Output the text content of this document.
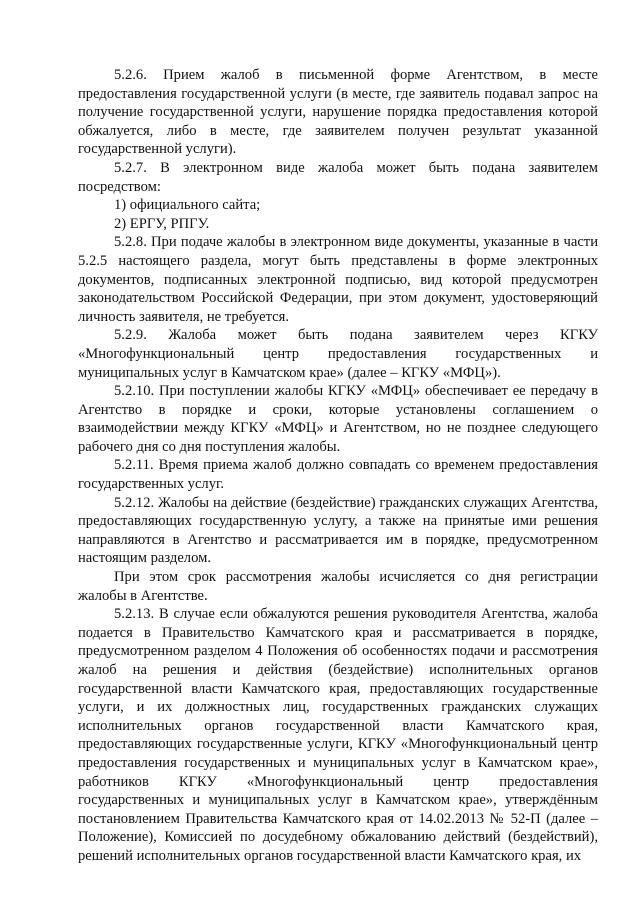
5.2.6. Прием жалоб в письменной форме Агентством, в месте предоставления государственной услуги (в месте, где заявитель подавал запрос на получение государственной услуги, нарушение порядка предоставления которой обжалуется, либо в месте, где заявителем получен результат указанной государственной услуги).

5.2.7. В электронном виде жалоба может быть подана заявителем посредством:

1) официального сайта;

2) ЕРГУ, РПГУ.

5.2.8. При подаче жалобы в электронном виде документы, указанные в части 5.2.5 настоящего раздела, могут быть представлены в форме электронных документов, подписанных электронной подписью, вид которой предусмотрен законодательством Российской Федерации, при этом документ, удостоверяющий личность заявителя, не требуется.

5.2.9. Жалоба может быть подана заявителем через КГКУ «Многофункциональный центр предоставления государственных и муниципальных услуг в Камчатском крае» (далее – КГКУ «МФЦ»).

5.2.10. При поступлении жалобы КГКУ «МФЦ» обеспечивает ее передачу в Агентство в порядке и сроки, которые установлены соглашением о взаимодействии между КГКУ «МФЦ» и Агентством, но не позднее следующего рабочего дня со дня поступления жалобы.

5.2.11. Время приема жалоб должно совпадать со временем предоставления государственных услуг.

5.2.12. Жалобы на действие (бездействие) гражданских служащих Агентства, предоставляющих государственную услугу, а также на принятые ими решения направляются в Агентство и рассматривается им в порядке, предусмотренном настоящим разделом.

При этом срок рассмотрения жалобы исчисляется со дня регистрации жалобы в Агентстве.

5.2.13. В случае если обжалуются решения руководителя Агентства, жалоба подается в Правительство Камчатского края и рассматривается в порядке, предусмотренном разделом 4 Положения об особенностях подачи и рассмотрения жалоб на решения и действия (бездействие) исполнительных органов государственной власти Камчатского края, предоставляющих государственные услуги, и их должностных лиц, государственных гражданских служащих исполнительных органов государственной власти Камчатского края, предоставляющих государственные услуги, КГКУ «Многофункциональный центр предоставления государственных и муниципальных услуг в Камчатском крае», работников КГКУ «Многофункциональный центр предоставления государственных и муниципальных услуг в Камчатском крае», утверждённым постановлением Правительства Камчатского края от 14.02.2013 № 52-П (далее – Положение), Комиссией по досудебному обжалованию действий (бездействий), решений исполнительных органов государственной власти Камчатского края, их
